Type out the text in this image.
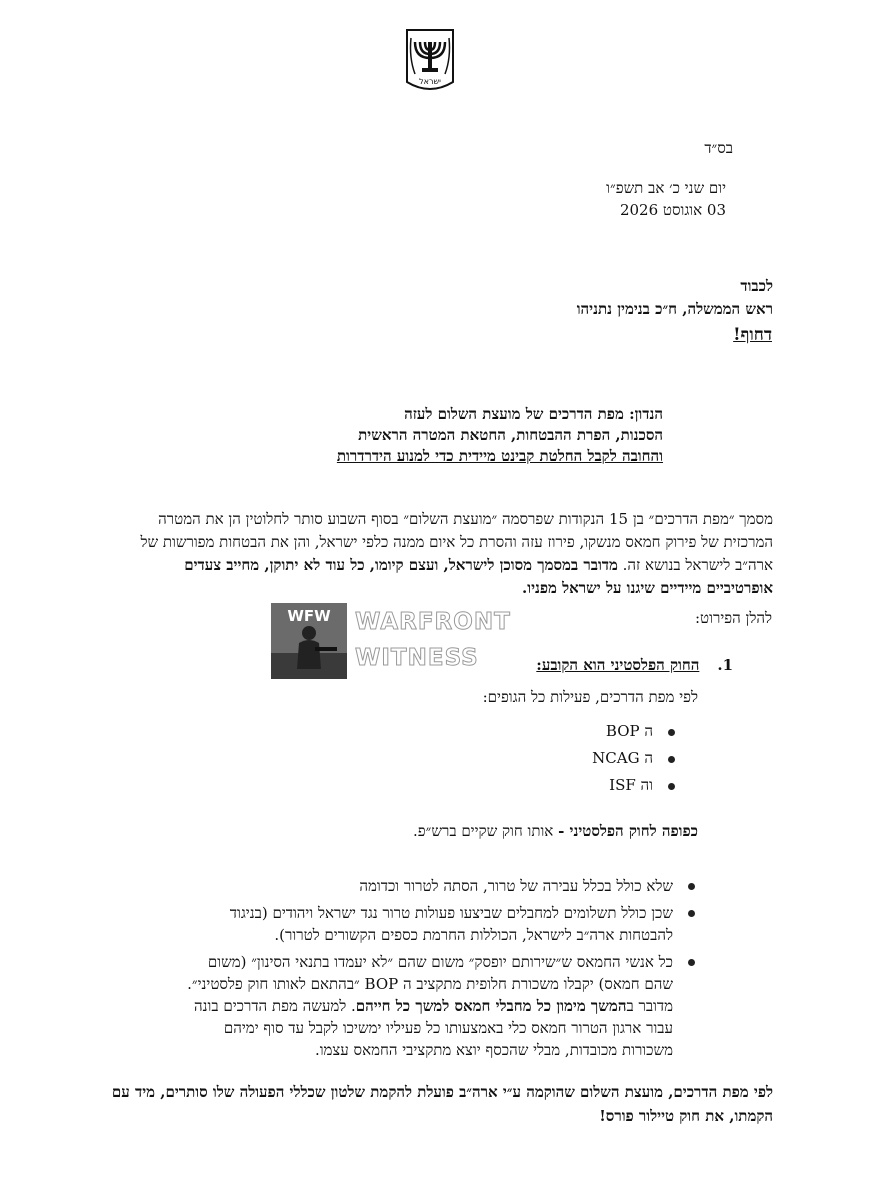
ישראל
בס״ד
יום שני כ׳ אב תשפ״ו
03 אוגוסט 2026
לכבוד
ראש הממשלה, ח״כ בנימין נתניהו
דחוף!
הנדון: מפת הדרכים של מועצת השלום לעזה
הסכנות, הפרת ההבטחות, החטאת המטרה הראשית
והחובה לקבל החלטת קבינט מיידית כדי למנוע הידרדרות
מסמך ״מפת הדרכים״ בן 15 הנקודות שפרסמה ״מועצת השלום״ בסוף השבוע סותר לחלוטין הן את המטרה המרכזית של פירוק חמאס מנשקו, פירוז עזה והסרת כל איום ממנה כלפי ישראל, והן את הבטחות מפורשות של ארה״ב לישראל בנושא זה. מדובר במסמך מסוכן לישראל, ועצם קיומו, כל עוד לא יתוקן, מחייב צעדים אופרטיביים מיידיים שיגנו על ישראל מפניו.
להלן הפירוט:
1.החוק הפלסטיני הוא הקובע:
לפי מפת הדרכים, פעילות כל הגופים:
ה BOP
ה NCAG
וה ISF
כפופה לחוק הפלסטיני - אותו חוק שקיים ברש״פ.
שלא כולל בכלל עבירה של טרור, הסתה לטרור וכדומה
שכן כולל תשלומים למחבלים שביצעו פעולות טרור נגד ישראל ויהודים (בניגוד להבטחות ארה״ב לישראל, הכוללות החרמת כספים הקשורים לטרור).
כל אנשי החמאס ש״שירותם יופסק״ משום שהם ״לא יעמדו בתנאי הסינון״ (משום שהם חמאס) יקבלו משכורת חלופית מתקציב ה BOP ״בהתאם לאותו חוק פלסטיני״. מדובר בהמשך מימון כל מחבלי חמאס למשך כל חייהם. למעשה מפת הדרכים בונה עבור ארגון הטרור חמאס כלי באמצעותו כל פעיליו ימשיכו לקבל עד סוף ימיהם משכורות מכובדות, מבלי שהכסף יוצא מתקציבי החמאס עצמו.
לפי מפת הדרכים, מועצת השלום שהוקמה ע״י ארה״ב פועלת להקמת שלטון שכללי הפעולה שלו סותרים, מיד עם הקמתו, את חוק טיילור פורס!
WFW WARFRONT
WITNESS
